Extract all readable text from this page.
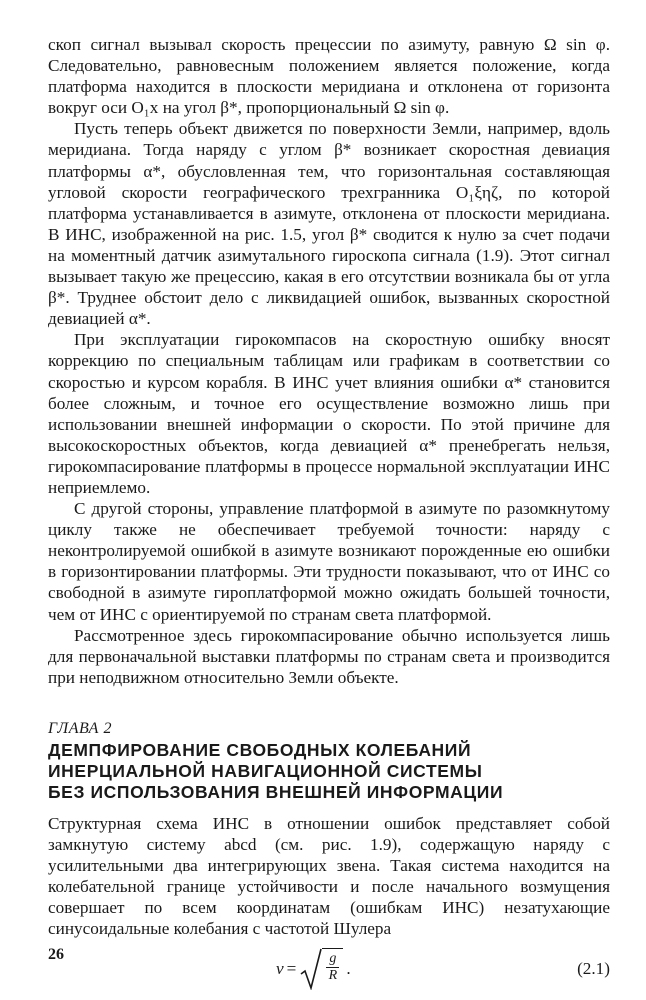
скоп сигнал вызывал скорость прецессии по азимуту, равную Ω sin φ. Следовательно, равновесным положением является положение, когда платформа находится в плоскости меридиана и отклонена от горизонта вокруг оси O₁x на угол β*, пропорциональный Ω sin φ.

Пусть теперь объект движется по поверхности Земли, например, вдоль меридиана. Тогда наряду с углом β* возникает скоростная девиация платформы α*, обусловленная тем, что горизонтальная составляющая угловой скорости географического трехгранника O₁ξηζ, по которой платформа устанавливается в азимуте, отклонена от плоскости меридиана. В ИНС, изображенной на рис. 1.5, угол β* сводится к нулю за счет подачи на моментный датчик азимутального гироскопа сигнала (1.9). Этот сигнал вызывает такую же прецессию, какая в его отсутствии возникала бы от угла β*. Труднее обстоит дело с ликвидацией ошибок, вызванных скоростной девиацией α*.

При эксплуатации гирокомпасов на скоростную ошибку вносят коррекцию по специальным таблицам или графикам в соответствии со скоростью и курсом корабля. В ИНС учет влияния ошибки α* становится более сложным, и точное его осуществление возможно лишь при использовании внешней информации о скорости. По этой причине для высокоскоростных объектов, когда девиацией α* пренебрегать нельзя, гирокомпасирование платформы в процессе нормальной эксплуатации ИНС неприемлемо.

С другой стороны, управление платформой в азимуте по разомкнутому циклу также не обеспечивает требуемой точности: наряду с неконтролируемой ошибкой в азимуте возникают порожденные ею ошибки в горизонтировании платформы. Эти трудности показывают, что от ИНС со свободной в азимуте гироплатформой можно ожидать большей точности, чем от ИНС с ориентируемой по странам света платформой.

Рассмотренное здесь гирокомпасирование обычно используется лишь для первоначальной выставки платформы по странам света и производится при неподвижном относительно Земли объекте.

ГЛАВА 2
ДЕМПФИРОВАНИЕ СВОБОДНЫХ КОЛЕБАНИЙ
ИНЕРЦИАЛЬНОЙ НАВИГАЦИОННОЙ СИСТЕМЫ
БЕЗ ИСПОЛЬЗОВАНИЯ ВНЕШНЕЙ ИНФОРМАЦИИ

Структурная схема ИНС в отношении ошибок представляет собой замкнутую систему abcd (см. рис. 1.9), содержащую наряду с усилительными два интегрирующих звена. Такая система находится на колебательной границе устойчивости и после начального возмущения совершает по всем координатам (ошибкам ИНС) незатухающие синусоидальные колебания с частотой Шулера

$\nu = \frac{g}{R}$ .	(2.1)
26
